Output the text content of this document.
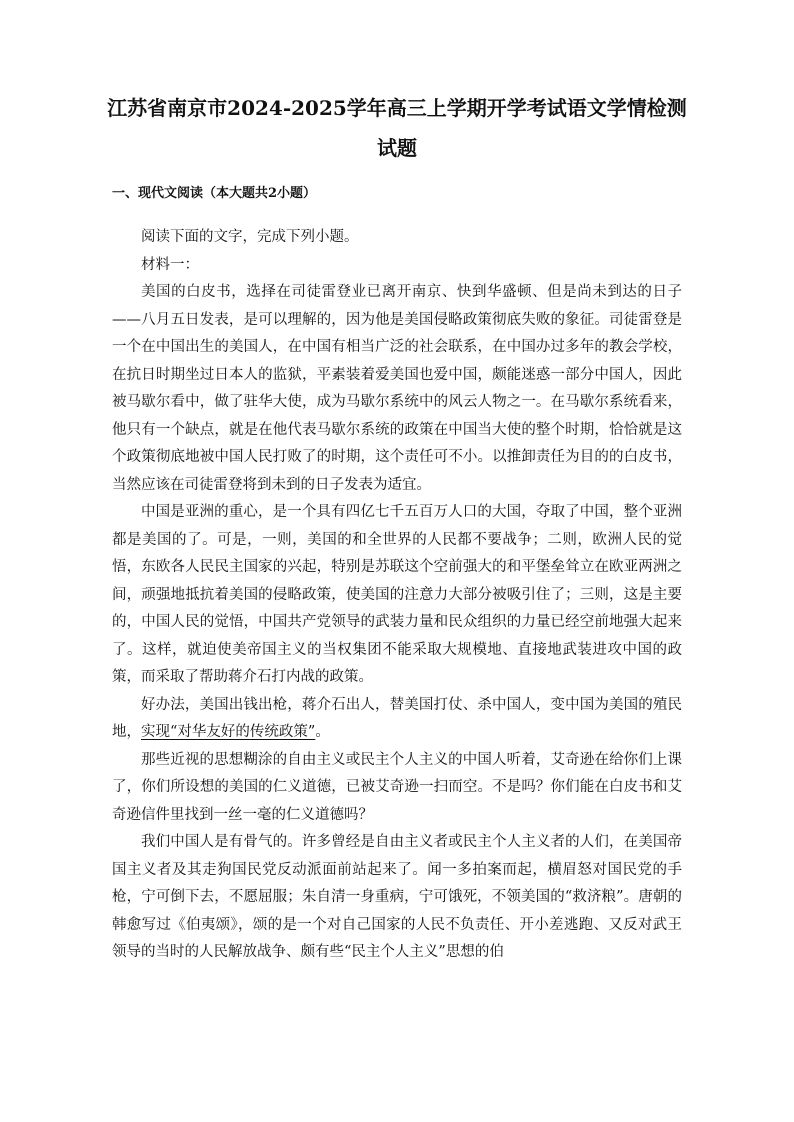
江苏省南京市2024-2025学年高三上学期开学考试语文学情检测试题
一、现代文阅读（本大题共2小题）

阅读下面的文字，完成下列小题。

材料一：

美国的白皮书，选择在司徒雷登业已离开南京、快到华盛顿、但是尚未到达的日子——八月五日发表，是可以理解的，因为他是美国侵略政策彻底失败的象征。司徒雷登是一个在中国出生的美国人，在中国有相当广泛的社会联系，在中国办过多年的教会学校，在抗日时期坐过日本人的监狱，平素装着爱美国也爱中国，颇能迷惑一部分中国人，因此被马歇尔看中，做了驻华大使，成为马歇尔系统中的风云人物之一。在马歇尔系统看来，他只有一个缺点，就是在他代表马歇尔系统的政策在中国当大使的整个时期，恰恰就是这个政策彻底地被中国人民打败了的时期，这个责任可不小。以推卸责任为目的的白皮书，当然应该在司徒雷登将到未到的日子发表为适宜。

中国是亚洲的重心，是一个具有四亿七千五百万人口的大国，夺取了中国，整个亚洲都是美国的了。可是，一则，美国的和全世界的人民都不要战争；二则，欧洲人民的觉悟，东欧各人民民主国家的兴起，特别是苏联这个空前强大的和平堡垒耸立在欧亚两洲之间，顽强地抵抗着美国的侵略政策，使美国的注意力大部分被吸引住了；三则，这是主要的，中国人民的觉悟，中国共产党领导的武装力量和民众组织的力量已经空前地强大起来了。这样，就迫使美帝国主义的当权集团不能采取大规模地、直接地武装进攻中国的政策，而采取了帮助蒋介石打内战的政策。

好办法，美国出钱出枪，蒋介石出人，替美国打仗、杀中国人，变中国为美国的殖民地，实现“对华友好的传统政策”。

那些近视的思想糊涂的自由主义或民主个人主义的中国人听着，艾奇逊在给你们上课了，你们所设想的美国的仁义道德，已被艾奇逊一扫而空。不是吗？你们能在白皮书和艾奇逊信件里找到一丝一毫的仁义道德吗？

我们中国人是有骨气的。许多曾经是自由主义者或民主个人主义者的人们，在美国帝国主义者及其走狗国民党反动派面前站起来了。闻一多拍案而起，横眉怒对国民党的手枪，宁可倒下去，不愿屈服；朱自清一身重病，宁可饿死，不领美国的“救济粮”。唐朝的韩愈写过《伯夷颂》，颂的是一个对自己国家的人民不负责任、开小差逃跑、又反对武王领导的当时的人民解放战争、颇有些“民主个人主义”思想的伯
